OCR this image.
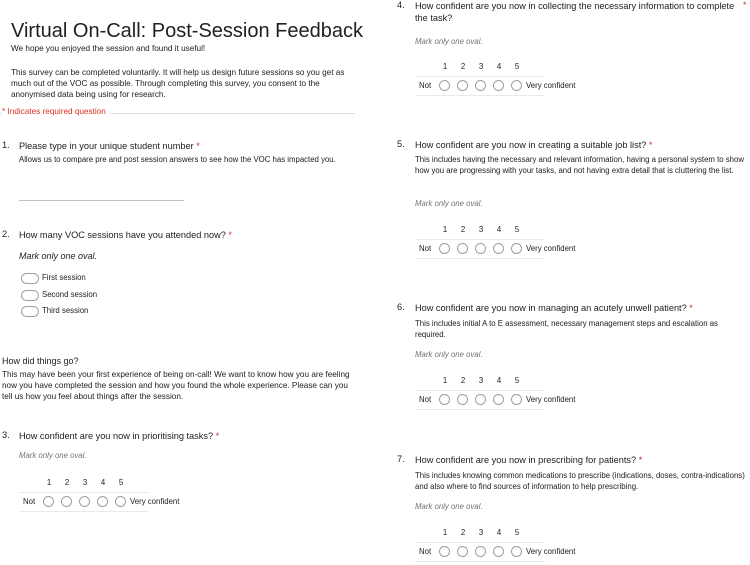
Virtual On-Call: Post-Session Feedback
We hope you enjoyed the session and found it useful!
This survey can be completed voluntarily. It will help us design future sessions so you get as much out of the VOC as possible. Through completing this survey, you consent to the anonymised data being using for research.
* Indicates required question
1. Please type in your unique student number *
Allows us to compare pre and post session answers to see how the VOC has impacted you.
2. How many VOC sessions have you attended now? *
Mark only one oval.
First session
Second session
Third session
How did things go?
This may have been your first experience of being on-call! We want to know how you are feeling now you have completed the session and how you found the whole experience. Please can you tell us how you feel about things after the session.
3. How confident are you now in prioritising tasks? *
Mark only one oval.
1	2	3	4	5
Not	Very confident
*
4. How confident are you now in collecting the necessary information to complete the task?
Mark only one oval.
1	2	3	4	5
Not	Very confident
5. How confident are you now in creating a suitable job list? *
This includes having the necessary and relevant information, having a personal system to show how you are progressing with your tasks, and not having extra detail that is cluttering the list.
Mark only one oval.
1	2	3	4	5
Not	Very confident
6. How confident are you now in managing an acutely unwell patient? *
This includes initial A to E assessment, necessary management steps and escalation as required.
Mark only one oval.
1	2	3	4	5
Not	Very confident
7. How confident are you now in prescribing for patients? *
This includes knowing common medications to prescribe (indications, doses, contra-indications) and also where to find sources of information to help prescribing.
Mark only one oval.
1	2	3	4	5
Not	Very confident
